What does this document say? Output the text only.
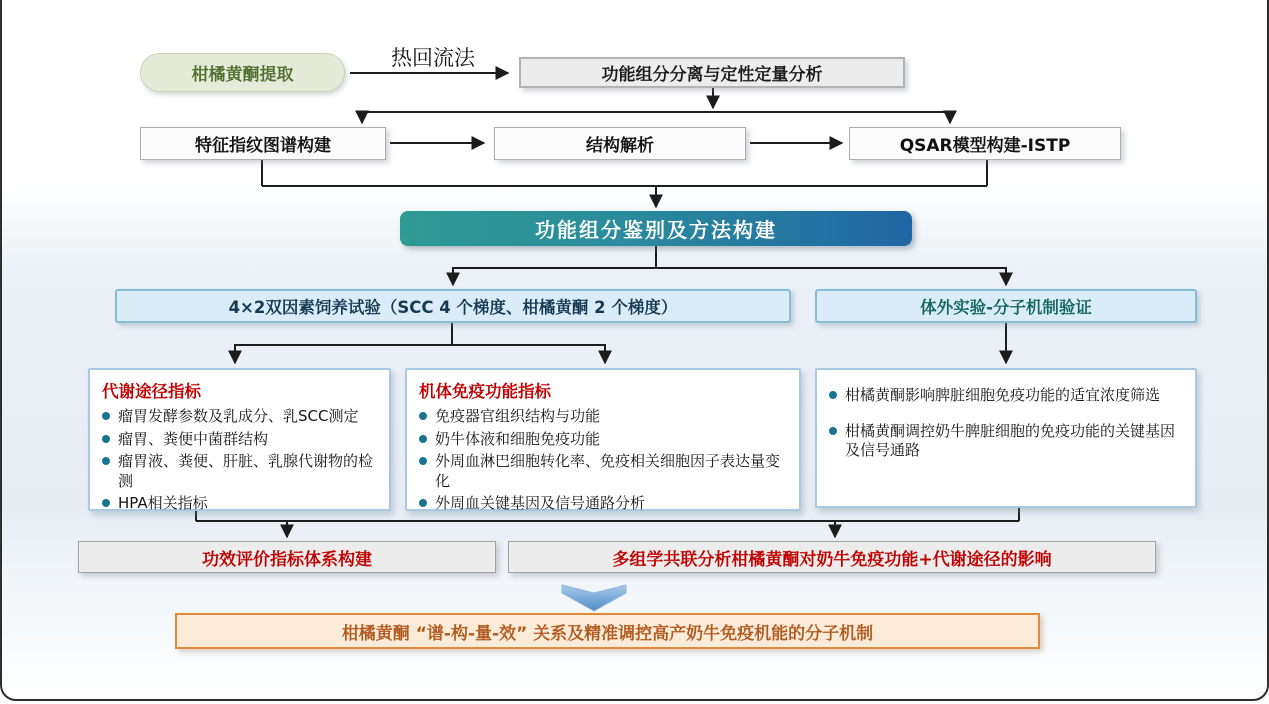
柑橘黄酮提取
热回流法
功能组分分离与定性定量分析
特征指纹图谱构建	结构解析	QSAR模型构建-ISTP
功能组分鉴别及方法构建
4×2双因素饲养试验（SCC 4 个梯度、柑橘黄酮 2 个梯度）	体外实验-分子机制验证
代谢途径指标
瘤胃发酵参数及乳成分、乳SCC测定
瘤胃、粪便中菌群结构
瘤胃液、粪便、肝脏、乳腺代谢物的检测
HPA相关指标
机体免疫功能指标
免疫器官组织结构与功能
奶牛体液和细胞免疫功能
外周血淋巴细胞转化率、免疫相关细胞因子表达量变化
外周血关键基因及信号通路分析
柑橘黄酮影响脾脏细胞免疫功能的适宜浓度筛选
柑橘黄酮调控奶牛脾脏细胞的免疫功能的关键基因及信号通路
功效评价指标体系构建	多组学共联分析柑橘黄酮对奶牛免疫功能+代谢途径的影响
柑橘黄酮 “谱-构-量-效” 关系及精准调控高产奶牛免疫机能的分子机制
